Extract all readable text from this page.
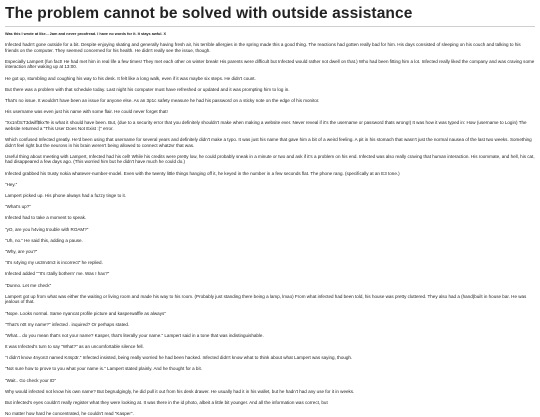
The problem cannot be solved with outside assistance
Was this I wrote at like... 2am and never proofread. I have no words for it. It stays awful. X

Infected hadn't gone outside for a bit. Despite enjoying skating and generally having fresh air, his terrible allergies in the spring made this a good thing. The reactions had gotten really bad for him. His days consisted of sleeping on his couch and talking to his friends on the computer. They seemed concerned for his health. He didn't really see the issue, though.

Especially Lampert (fun fact! He had met him in real life a few times! They met each other on winter break! His parents were difficult but Infected would rather not dwell on that.) Who had been fitting him a lot. Infected really liked the company and was craving some interaction after waking up at 13:00.

He got up, stumbling and coughing his way to his desk. It felt like a long walk, even if it was maybe six steps. He didn't count.

But there was a problem with that schedule today. Last night his computer must have refreshed or updated and it was prompting him to log in.

That's no issue. It wouldn't have been an issue for anyone else. As an 3p1c safety measure he had his password on a sticky note on the edge of his monitor.

His username was even just his name with some flair. He could never forget that!

"Xx1nf3cT3dwiff$kxTe is what it should have been. But, (due to a security error that you definitely shouldn't make when making a website ever. Never reveal if it's the username or password thats wrong!) It was how it was typed in: How (username to Login) The website returned a "This User Does Not Exist :(" error.

Which confused Infected greatly. He'd been using that username for several years and definitely didn't make a typo. It was just his name that gave him a bit of a weird feeling. A pit in his stomach that wasn't just the normal nausea of the last two weeks. Something didn't feel right but the neurons in his brain weren't being allowed to connect what2vr that was.

Useful thing about meeting with Lampert, Infected had his cell! While his credits were pretty low, he could probably sneak in a minute or two and ask if it's a problem on his end. Infected was also really craving that human interaction. His roommate, and hell, his cat, had disappeared a few days ago. (This worried him but he didn't have much he could do.)

Infected grabbed his trusty nokia whatever-number-model. Even with the twenty little things hanging off it, he keyed in the number in a few seconds flat. The phone rang. (specifically at an E3 tone.)

"Hey."

Lampert picked up. His phone always had a fuzzy tinge to it.

"What's up?"

Infected had to take a moment to speak.

"yO, are you h4ving trouble with ROAM?"

"Uh, no." He said this, adding a pause.

"Why, are you?"

"It's s4ying my us3rn4m3 is incorrect" he replied.

Infected added ""It's r3ally bothern' me. Was I hax?"

"Dunno. Let me check"

Lampert got up from what was either the waiting or living room and made his way to his room. (Probably just standing there being a lamp, lmao) From what infected had been told, his house was pretty cluttered. They also had a (hand)built in house bar. He was jealous of that.

"Nope. Looks normal. Same nyancat profile picture and kasperwaffle as always"

"That's n0t my name?" infected . inquired? Or perhaps stated.

"What... do you mean that's not your name? Kasper, that's literally your name." Lampert said in a tone that was indistinguishable.

It was Infected's turn to say "What?" as an uncomfortable silence fell.

"I didn't know 4nyon3 named K4sp3r." Infected insisted, being really worried he had been hacked. Infected didn't know what to think about what Lampert was saying, though.

"Not sure how to prove to you what your name is." Lampert stated plainly. And he thought for a bit.

"Wait.. Go check your ID"

Why would infected not know his own name? But begrudgingly, he did pull it out from his desk drawer. He usually had it in his wallet, but he hadn't had any use for it in weeks.

But infected's eyes couldn't really register what they were looking at. It was there in the id photo, albeit a little bit younger. And all the information was correct, but

No matter how hard he concentrated, he couldn't read "Kasper".
